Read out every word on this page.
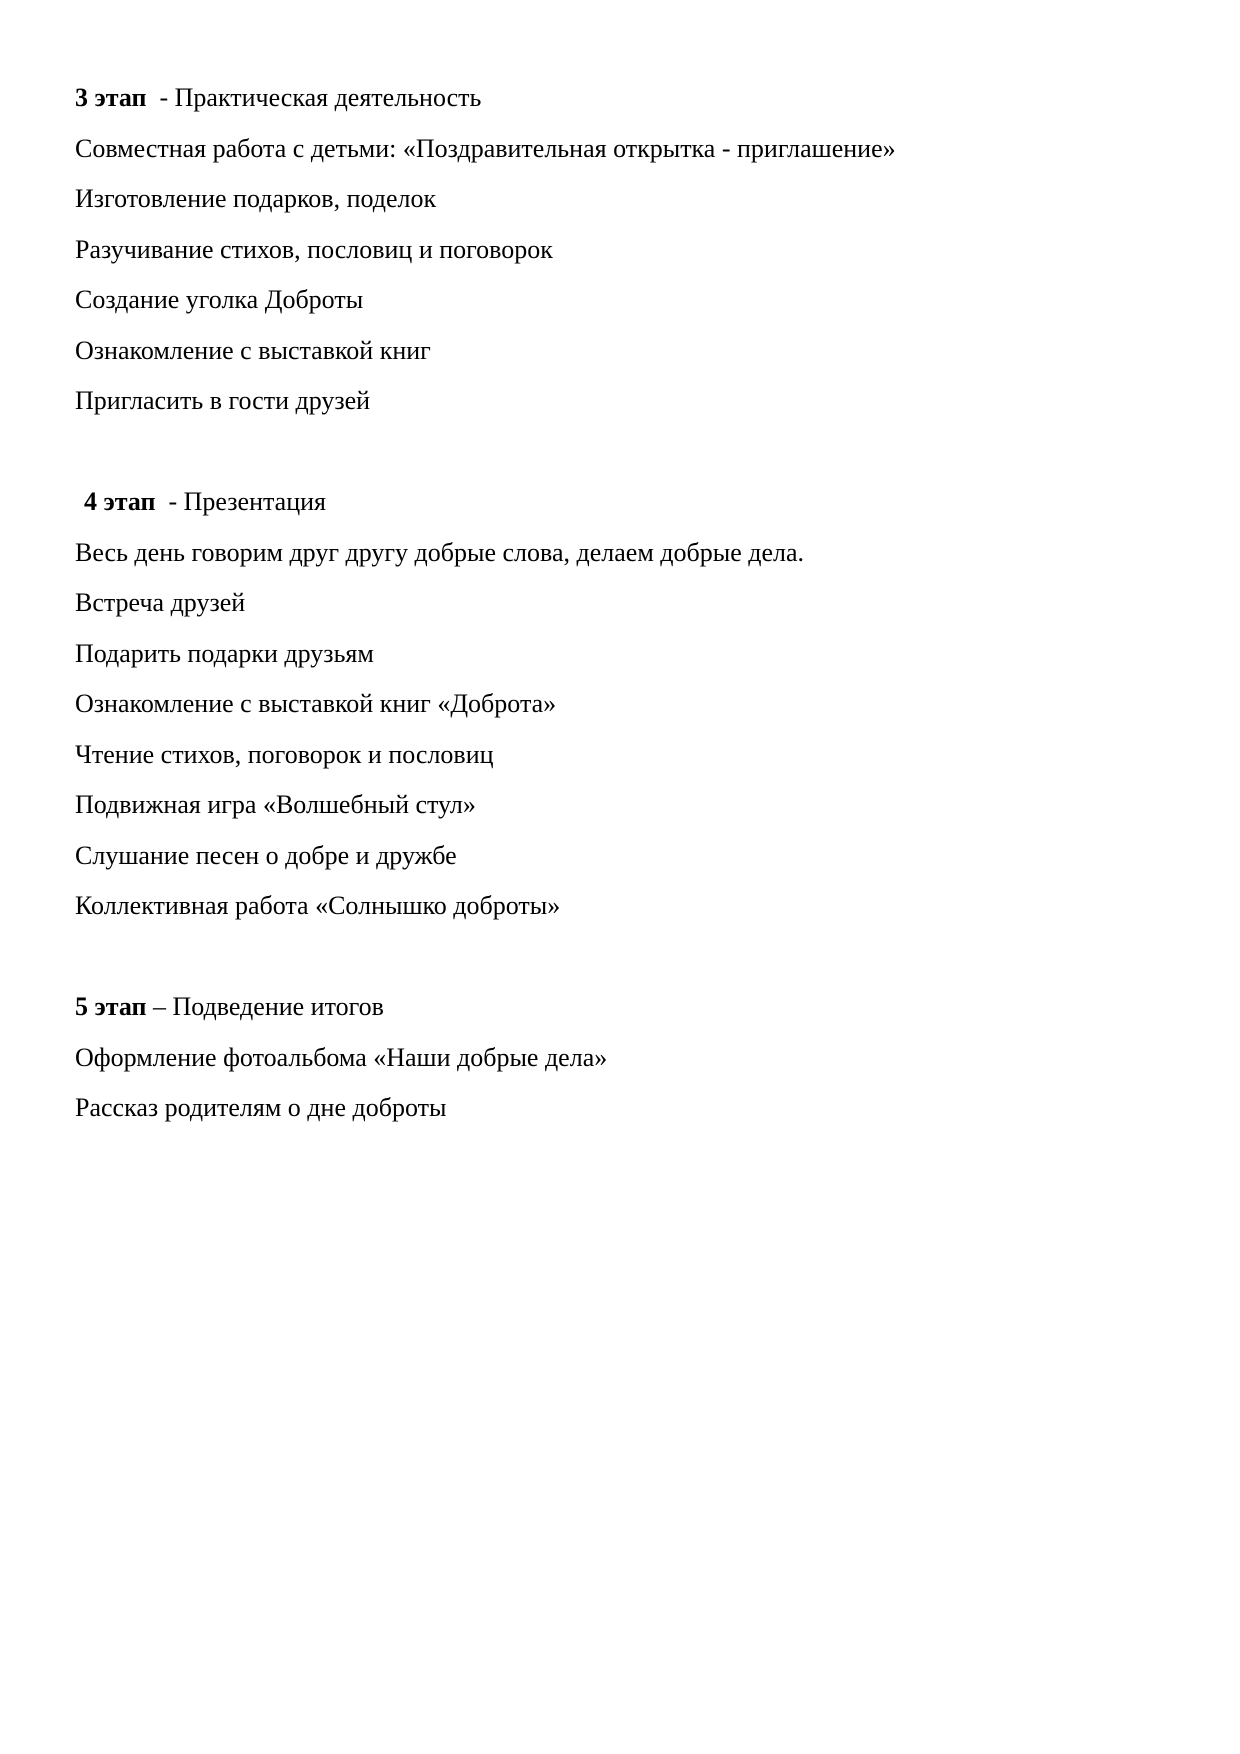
3 этап  - Практическая деятельность
Совместная работа с детьми: «Поздравительная открытка - приглашение»
Изготовление подарков, поделок
Разучивание стихов, пословиц и поговорок
Создание уголка Доброты
Ознакомление с выставкой книг
Пригласить в гости друзей
4 этап  - Презентация
Весь день говорим друг другу добрые слова, делаем добрые дела.
Встреча друзей
Подарить подарки друзьям
Ознакомление с выставкой книг «Доброта»
Чтение стихов, поговорок и пословиц
Подвижная игра «Волшебный стул»
Слушание песен о добре и дружбе
Коллективная работа «Солнышко доброты»
5 этап – Подведение итогов
Оформление фотоальбома «Наши добрые дела»
Рассказ родителям о дне доброты
